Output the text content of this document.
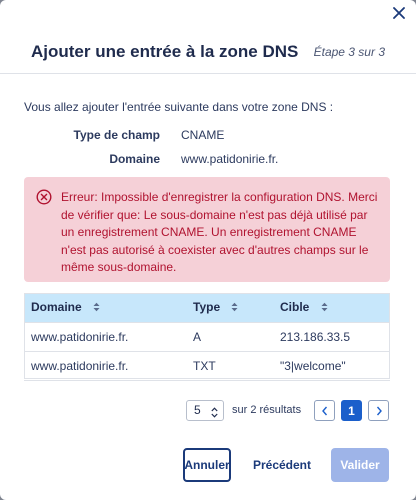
Ajouter une entrée à la zone DNS Étape 3 sur 3
Vous allez ajouter l'entrée suivante dans votre zone DNS :
Type de champ CNAME
Domaine www.patidonirie.fr.
Erreur: Impossible d'enregistrer la configuration DNS. Merci de vérifier que: Le sous-domaine n'est pas déjà utilisé par un enregistrement CNAME. Un enregistrement CNAME n'est pas autorisé à coexister avec d'autres champs sur le même sous-domaine.
Domaine	Type	Cible
www.patidonirie.fr.	A	213.186.33.5
www.patidonirie.fr.	TXT	"3|welcome"
5	sur 2 résultats	1
Annuler	Précédent	Valider
